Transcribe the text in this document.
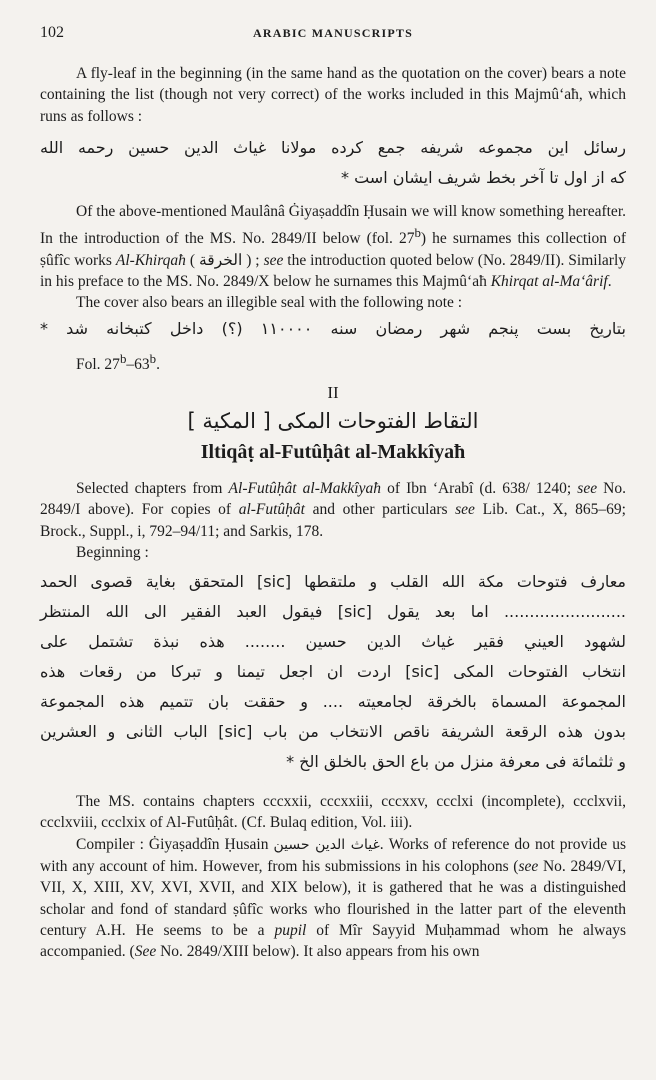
102	ARABIC MANUSCRIPTS

A fly-leaf in the beginning (in the same hand as the quotation on the cover) bears a note containing the list (though not very correct) of the works included in this Majmû‘aħ, which runs as follows :

رسائل این مجموعه شریفه جمع کرده مولانا غیاث الدین حسین رحمه الله
که از اول تا آخر بخط شریف ایشان است *

Of the above-mentioned Maulânâ Ġiyaṣaddîn Ḥusain we will know something hereafter. In the introduction of the MS. No. 2849/II below (fol. 27$^b$) he surnames this collection of ṣûfîc works Al-Khirqaħ ( الخرقة ) ; see the introduction quoted below (No. 2849/II). Similarly in his preface to the MS. No. 2849/X below he surnames this Majmû‘aħ Khirqat al-Ma‘ârif.

The cover also bears an illegible seal with the following note :

بتاریخ بست پنجم شهر رمضان سنه ۱۱۰۰۰۰ (؟) داخل کتبخانه شد *

Fol. 27$^b$–63$^b$.

II
التقاط الفتوحات المكى [ المكية ]
Iltiqâṭ al-Futûḥât al-Makkîyaħ

Selected chapters from Al-Futûḥât al-Makkîyaħ of Ibn ‘Arabî (d. 638/ 1240; see No. 2849/I above). For copies of al-Futûḥât and other particulars see Lib. Cat., X, 865–69; Brock., Suppl., i, 792–94/11; and Sarkis, 178.

Beginning :

معارف فتوحات مكة الله القلب و ملتقطها [sic] المتحقق بغاية قصوى الحمد
........................ اما بعد يقول [sic] فيقول العبد الفقير الى الله المنتظر
لشهود العيني فقير غياث الدين حسين ........ هذه نبذة تشتمل على
انتخاب الفتوحات المكى [sic] اردت ان اجعل تيمنا و تبركا من رقعات هذه
المجموعة المسماة بالخرقة لجامعيته .... و حققت بان تتميم هذه المجموعة
بدون هذه الرقعة الشريفة ناقص الانتخاب من باب [sic] الباب الثانى و العشرين
و ثلثمائة فى معرفة منزل من باع الحق بالخلق الخ *

The MS. contains chapters cccxxii, cccxxiii, cccxxv, ccclxi (incomplete), ccclxvii, ccclxviii, ccclxix of Al-Futûḥât. (Cf. Bulaq edition, Vol. iii).

Compiler : Ġiyaṣaddîn Ḥusain غياث الدين حسين. Works of reference do not provide us with any account of him. However, from his submissions in his colophons (see No. 2849/VI, VII, X, XIII, XV, XVI, XVII, and XIX below), it is gathered that he was a distinguished scholar and fond of standard ṣûfîc works who flourished in the latter part of the eleventh century A.H. He seems to be a pupil of Mîr Sayyid Muḥammad whom he always accompanied. (See No. 2849/XIII below). It also appears from his own
